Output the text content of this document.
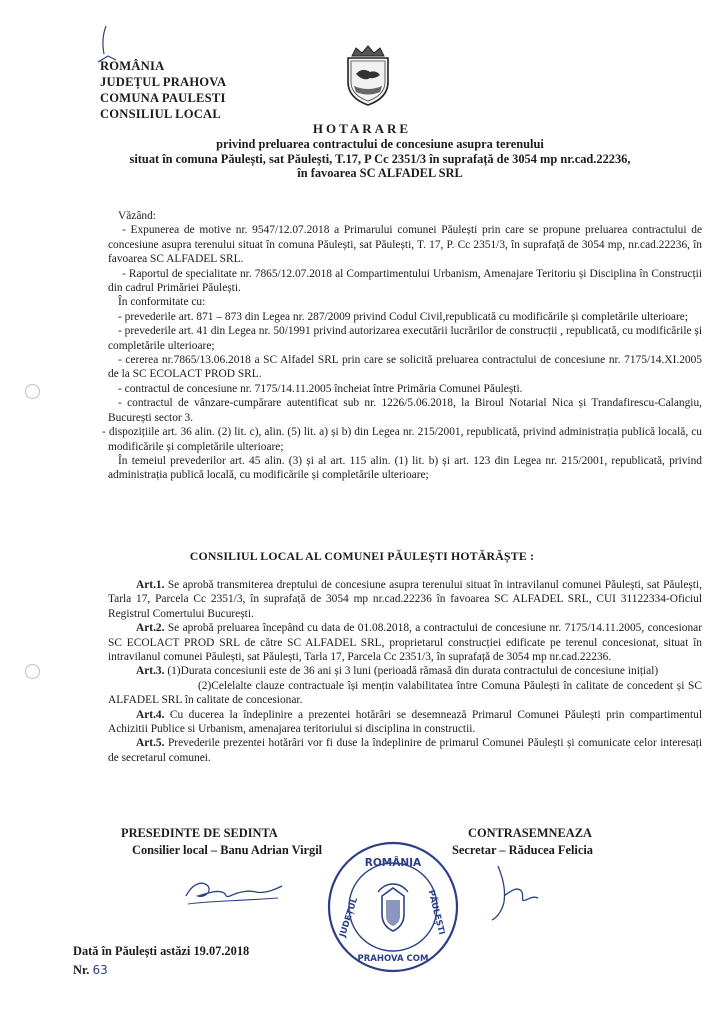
ROMÂNIA
JUDEȚUL PRAHOVA
COMUNA PAULESTI
CONSILIUL LOCAL
HOTARARE
privind preluarea contractului de concesiune asupra terenului
situat în comuna Păulești, sat Păulești, T.17, P Cc 2351/3 în suprafață de 3054 mp nr.cad.22236,
în favoarea SC ALFADEL SRL

Văzând:

- Expunerea de motive nr. 9547/12.07.2018 a Primarului comunei Păulești prin care se propune preluarea contractului de concesiune asupra terenului situat în comuna Păulești, sat Păulești, T. 17, P. Cc 2351/3, în suprafață de 3054 mp, nr.cad.22236, în favoarea SC ALFADEL SRL.

- Raportul de specialitate nr. 7865/12.07.2018 al Compartimentului Urbanism, Amenajare Teritoriu și Disciplina în Construcții din cadrul Primăriei Păulești.

În conformitate cu:

- prevederile art. 871 – 873 din Legea nr. 287/2009 privind Codul Civil,republicată cu modificările și completările ulterioare;

- prevederile art. 41 din Legea nr. 50/1991 privind autorizarea executării lucrărilor de construcții , republicată, cu modificările și completările ulterioare;

- cererea nr.7865/13.06.2018 a SC Alfadel SRL prin care se solicită preluarea contractului de concesiune nr. 7175/14.XI.2005 de la SC ECOLACT PROD SRL.

- contractul de concesiune nr. 7175/14.11.2005 încheiat între Primăria Comunei Păulești.

- contractul de vânzare-cumpărare autentificat sub nr. 1226/5.06.2018, la Biroul Notarial Nica și Trandafirescu-Calangiu, București sector 3.

- dispozițiile art. 36 alin. (2) lit. c), alin. (5) lit. a) și b) din Legea nr. 215/2001, republicată, privind administrația publică locală, cu modificările și completările ulterioare;

În temeiul prevederilor art. 45 alin. (3) și al art. 115 alin. (1) lit. b) și art. 123 din Legea nr. 215/2001, republicată, privind administrația publică locală, cu modificările și completările ulterioare;

CONSILIUL LOCAL AL COMUNEI PĂULEȘTI HOTĂRĂȘTE :

Art.1. Se aprobă transmiterea dreptului de concesiune asupra terenului situat în intravilanul comunei Păulești, sat Păulești, Tarla 17, Parcela Cc 2351/3, în suprafață de 3054 mp nr.cad.22236 în favoarea SC ALFADEL SRL, CUI 31122334-Oficiul Registrul Comertului București.

Art.2. Se aprobă preluarea începând cu data de 01.08.2018, a contractului de concesiune nr. 7175/14.11.2005, concesionar SC ECOLACT PROD SRL de către SC ALFADEL SRL, proprietarul construcției edificate pe terenul concesionat, situat în intravilanul comunei Păulești, sat Păulești, Tarla 17, Parcela Cc 2351/3, în suprafață de 3054 mp nr.cad.22236.

Art.3. (1)Durata concesiunii este de 36 ani și 3 luni (perioadă rămasă din durata contractului de concesiune inițial)

(2)Celelalte clauze contractuale își mențin valabilitatea între Comuna Păulești în calitate de concedent și SC ALFADEL SRL în calitate de concesionar.

Art.4. Cu ducerea la îndeplinire a prezentei hotărâri se desemnează Primarul Comunei Păulești prin compartimentul Achizitii Publice si Urbanism, amenajarea teritoriului si disciplina in constructii.

Art.5. Prevederile prezentei hotărâri vor fi duse la îndeplinire de primarul Comunei Păulești și comunicate celor interesați de secretarul comunei.

PRESEDINTE DE SEDINTA
Consilier local – Banu Adrian Virgil
CONTRASEMNEAZA
Secretar – Răducea Felicia
ROMÂNIA
JUDEȚUL
PRAHOVA COM
PĂULEȘTI
Dată în Păulești astăzi 19.07.2018
Nr. 63
